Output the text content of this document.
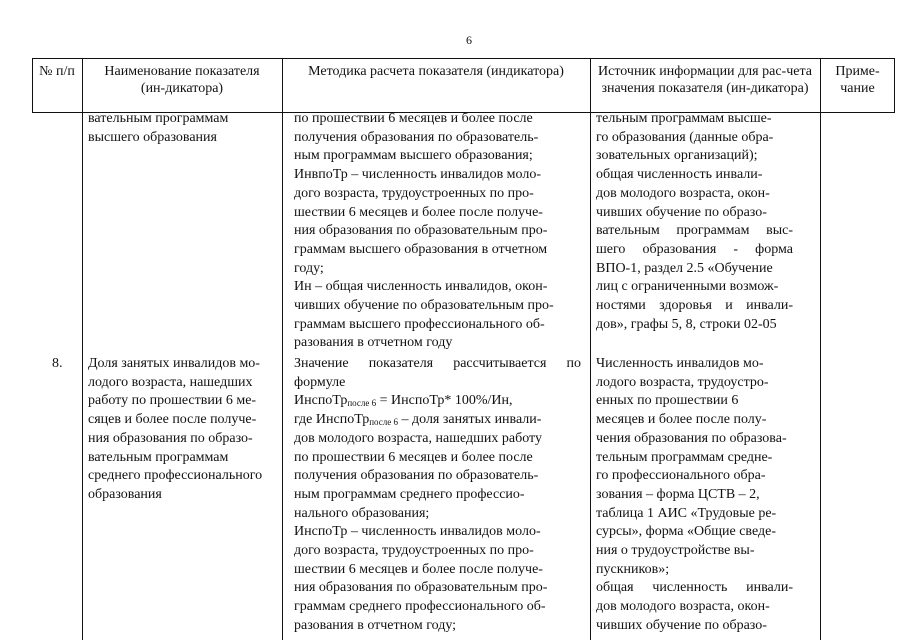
6
№ п/п	Наименование показателя (ин-дикатора)
Методика расчета показателя (индикатора)	Источник информации для рас-чета значения показателя (ин-дикатора)
Приме-чание
вательным программам
высшего образования
по прошествии 6 месяцев и более после
получения образования по образователь-
ным программам высшего образования;
ИнвпоТр – численность инвалидов моло-
дого возраста, трудоустроенных по про-
шествии 6 месяцев и более после получе-
ния образования по образовательным про-
граммам высшего образования в отчетном
году;
Ин – общая численность инвалидов, окон-
чивших обучение по образовательным про-
граммам высшего профессионального об-
разования в отчетном году
тельным программам высше-
го образования (данные обра-
зовательных организаций);
общая численность инвали-
дов молодого возраста, окон-
чивших обучение по образо-
вательным программам выс-
шего образования - форма
ВПО-1, раздел 2.5 «Обучение
лиц с ограниченными возмож-
ностями здоровья и инвали-
дов», графы 5, 8, строки 02-05
8. Доля занятых инвалидов мо-
лодого возраста, нашедших
работу по прошествии 6 ме-
сяцев и более после получе-
ния образования по образо-
вательным программам
среднего профессионального
образования
Значение показателя рассчитывается по
формуле
ИнспоТр$_{после 6}$ = ИнспоТр* 100%/Ин,
где ИнспоТр$_{после 6}$ – доля занятых инвали-
дов молодого возраста, нашедших работу
по прошествии 6 месяцев и более после
получения образования по образователь-
ным программам среднего профессио-
нального образования;
ИнспоТр – численность инвалидов моло-
дого возраста, трудоустроенных по про-
шествии 6 месяцев и более после получе-
ния образования по образовательным про-
граммам среднего профессионального об-
разования в отчетном году;
Численность инвалидов мо-
лодого возраста, трудоустро-
енных по прошествии 6
месяцев и более после полу-
чения образования по образова-
тельным программам средне-
го профессионального обра-
зования – форма ЦСТВ – 2,
таблица 1 АИС «Трудовые ре-
сурсы», форма «Общие сведе-
ния о трудоустройстве вы-
пускников»;
общая численность инвали-
дов молодого возраста, окон-
чивших обучение по образо-
